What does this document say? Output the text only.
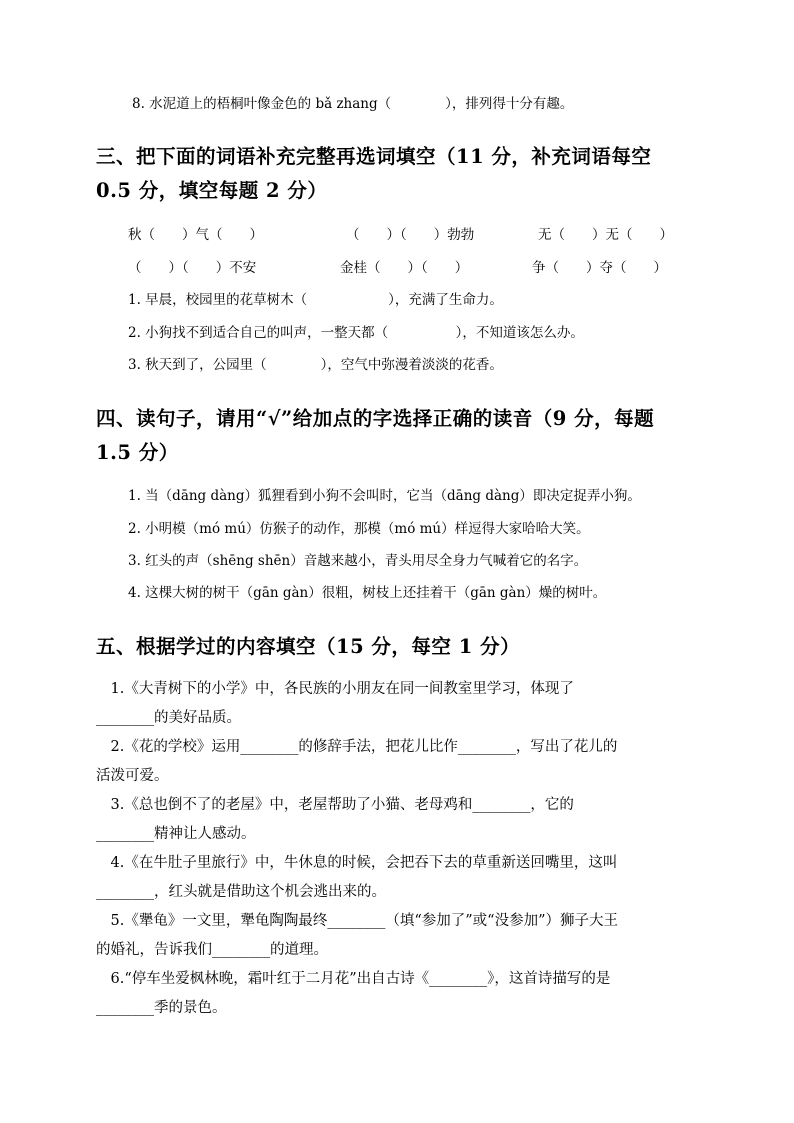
8. 水泥道上的梧桐叶像金色的 bǎ zhang（　　　　），排列得十分有趣。
三、把下面的词语补充完整再选词填空（11 分，补充词语每空
0.5 分，填空每题 2 分）
秋（　　）气（　　）	（　　）（　　）勃勃	无（　　）无（　　）
（　　）（　　）不安	金桂（　　）（　　）	争（　　）夺（　　）
1. 早晨，校园里的花草树木（　　　　　　），充满了生命力。
2. 小狗找不到适合自己的叫声，一整天都（　　　　　），不知道该怎么办。
3. 秋天到了，公园里（　　　　），空气中弥漫着淡淡的花香。
四、读句子，请用“√”给加点的字选择正确的读音（9 分，每题
1.5 分）
1. 当（dāng dàng）狐狸看到小狗不会叫时，它当（dāng dàng）即决定捉弄小狗。
2. 小明模（mó mú）仿猴子的动作，那模（mó mú）样逗得大家哈哈大笑。
3. 红头的声（shēng shēn）音越来越小，青头用尽全身力气喊着它的名字。
4. 这棵大树的树干（gān gàn）很粗，树枝上还挂着干（gān gàn）燥的树叶。
五、根据学过的内容填空（15 分，每空 1 分）
　1.《大青树下的小学》中，各民族的小朋友在同一间教室里学习，体现了
________的美好品质。
　2.《花的学校》运用________的修辞手法，把花儿比作________，写出了花儿的
活泼可爱。
　3.《总也倒不了的老屋》中，老屋帮助了小猫、老母鸡和________，它的
________精神让人感动。
　4.《在牛肚子里旅行》中，牛休息的时候，会把吞下去的草重新送回嘴里，这叫
________，红头就是借助这个机会逃出来的。
　5.《犟龟》一文里，犟龟陶陶最终________（填“参加了”或“没参加”）狮子大王
的婚礼，告诉我们________的道理。
　6.“停车坐爱枫林晚，霜叶红于二月花”出自古诗《________》，这首诗描写的是
________季的景色。
